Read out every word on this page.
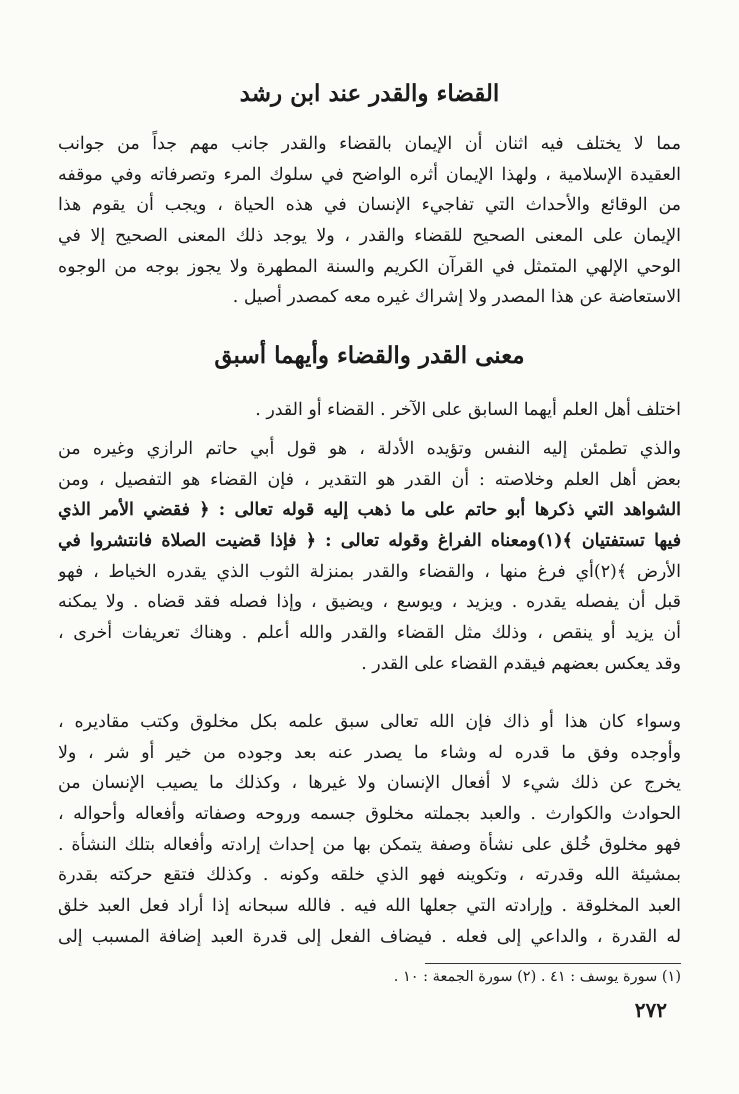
القضاء والقدر عند ابن رشد
مما لا يختلف فيه اثنان أن الإيمان بالقضاء والقدر جانب مهم جداً من جوانب
العقيدة الإسلامية ، ولهذا الإيمان أثره الواضح في سلوك المرء وتصرفاته وفي موقفه
من الوقائع والأحداث التي تفاجيء الإنسان في هذه الحياة ، ويجب أن يقوم هذا
الإيمان على المعنى الصحيح للقضاء والقدر ، ولا يوجد ذلك المعنى الصحيح إلا في
الوحي الإلهي المتمثل في القرآن الكريم والسنة المطهرة ولا يجوز بوجه من الوجوه
الاستعاضة عن هذا المصدر ولا إشراك غيره معه كمصدر أصيل .
معنى القدر والقضاء وأيهما أسبق
اختلف أهل العلم أيهما السابق على الآخر . القضاء أو القدر .
والذي تطمئن إليه النفس وتؤيده الأدلة ، هو قول أبي حاتم الرازي وغيره من
بعض أهل العلم وخلاصته : أن القدر هو التقدير ، فإن القضاء هو التفصيل ، ومن
الشواهد التي ذكرها أبو حاتم على ما ذهب إليه قوله تعالى : ﴿ فقضي الأمر الذي
فيها تستفتيان ﴾(١)ومعناه الفراغ وقوله تعالى : ﴿ فإذا قضيت الصلاة فانتشروا في
الأرض ﴾(٢)أي فرغ منها ، والقضاء والقدر بمنزلة الثوب الذي يقدره الخياط ، فهو
قبل أن يفصله يقدره . ويزيد ، ويوسع ، ويضيق ، وإذا فصله فقد قضاه . ولا يمكنه
أن يزيد أو ينقص ، وذلك مثل القضاء والقدر والله أعلم . وهناك تعريفات أخرى ،
وقد يعكس بعضهم فيقدم القضاء على القدر .
وسواء كان هذا أو ذاك فإن الله تعالى سبق علمه بكل مخلوق وكتب مقاديره ،
وأوجده وفق ما قدره له وشاء ما يصدر عنه بعد وجوده من خير أو شر ، ولا
يخرج عن ذلك شيء لا أفعال الإنسان ولا غيرها ، وكذلك ما يصيب الإنسان من
الحوادث والكوارث . والعبد بجملته مخلوق جسمه وروحه وصفاته وأفعاله وأحواله ،
فهو مخلوق خُلق على نشأة وصفة يتمكن بها من إحداث إرادته وأفعاله بتلك النشأة .
بمشيئة الله وقدرته ، وتكوينه فهو الذي خلقه وكونه . وكذلك فتقع حركته بقدرة
العبد المخلوقة . وإرادته التي جعلها الله فيه . فالله سبحانه إذا أراد فعل العبد خلق
له القدرة ، والداعي إلى فعله . فيضاف الفعل إلى قدرة العبد إضافة المسبب إلى
(١) سورة يوسف : ٤١ . (٢) سورة الجمعة : ١٠ .
٢٧٢
